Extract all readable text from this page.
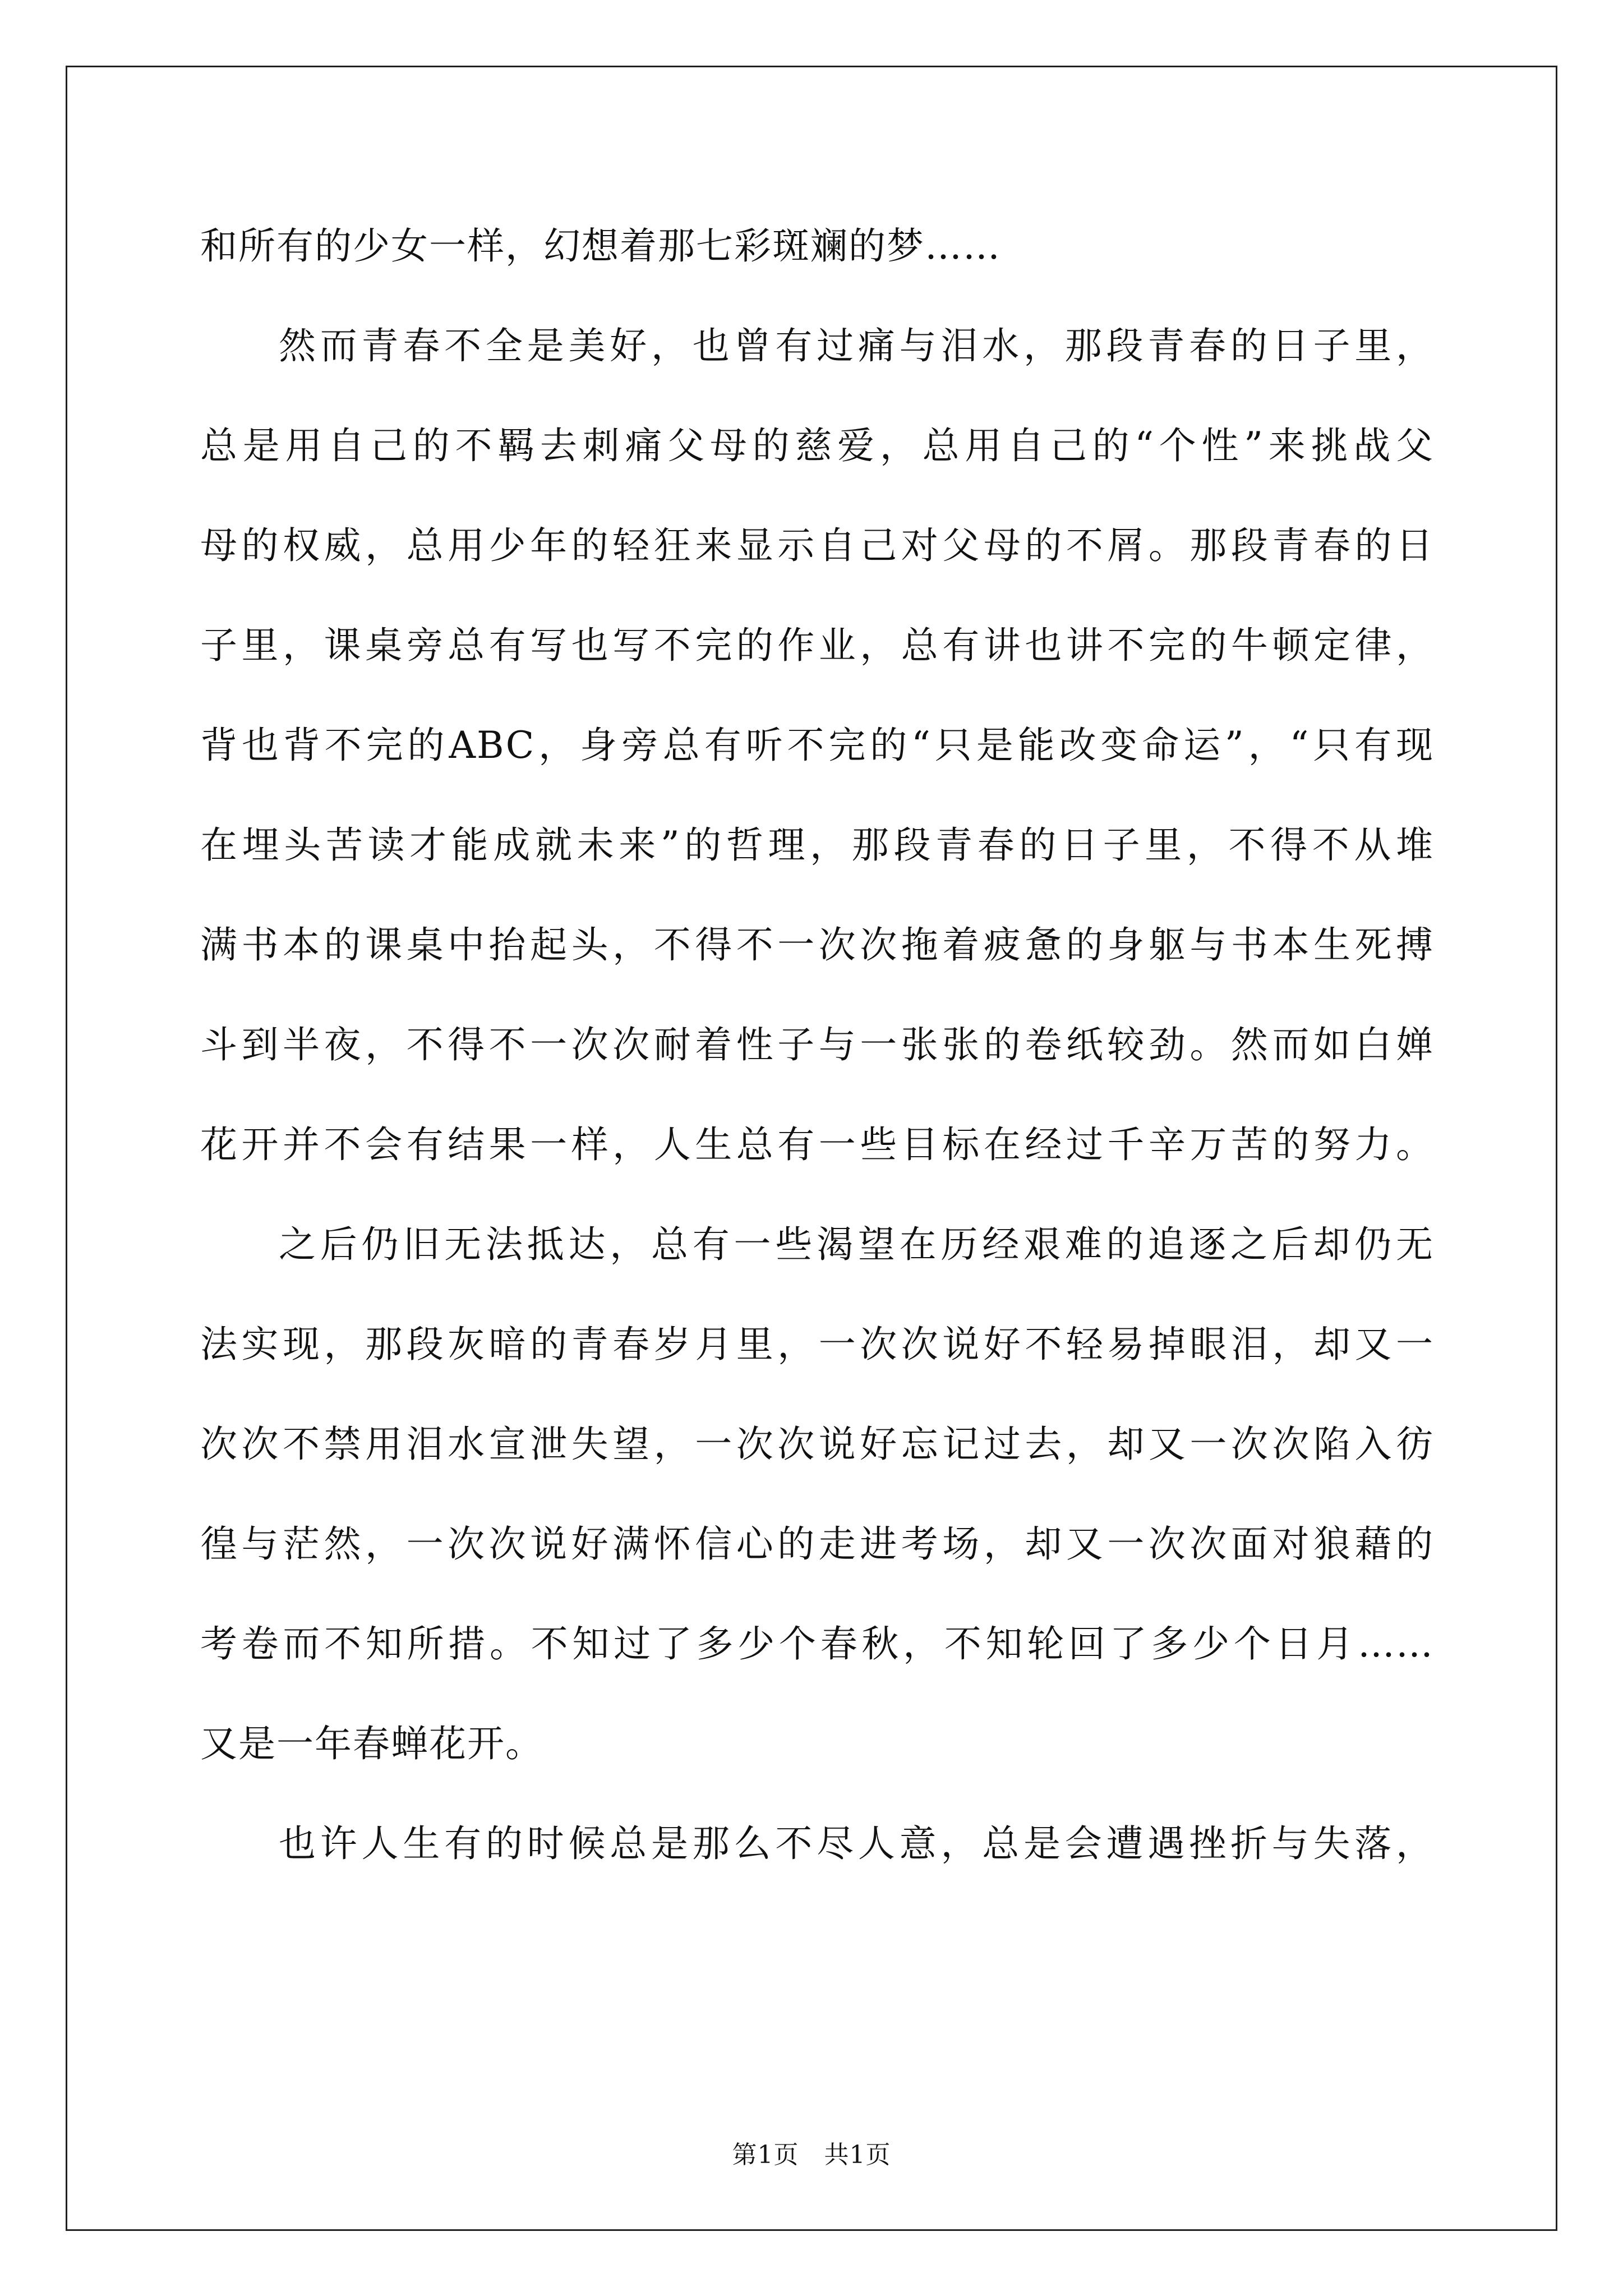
和所有的少女一样，幻想着那七彩斑斓的梦……
然而青春不全是美好，也曾有过痛与泪水，那段青春的日子里，
总是用自己的不羁去刺痛父母的慈爱，总用自己的“个性”来挑战父
母的权威，总用少年的轻狂来显示自己对父母的不屑。那段青春的日
子里，课桌旁总有写也写不完的作业，总有讲也讲不完的牛顿定律，
背也背不完的ABC，身旁总有听不完的“只是能改变命运”，“只有现
在埋头苦读才能成就未来”的哲理，那段青春的日子里，不得不从堆
满书本的课桌中抬起头，不得不一次次拖着疲惫的身躯与书本生死搏
斗到半夜，不得不一次次耐着性子与一张张的卷纸较劲。然而如白婵
花开并不会有结果一样，人生总有一些目标在经过千辛万苦的努力。
之后仍旧无法抵达，总有一些渴望在历经艰难的追逐之后却仍无
法实现，那段灰暗的青春岁月里，一次次说好不轻易掉眼泪，却又一
次次不禁用泪水宣泄失望，一次次说好忘记过去，却又一次次陷入彷
徨与茫然，一次次说好满怀信心的走进考场，却又一次次面对狼藉的
考卷而不知所措。不知过了多少个春秋，不知轮回了多少个日月……
又是一年春蝉花开。
也许人生有的时候总是那么不尽人意，总是会遭遇挫折与失落，
第1页　共1页
